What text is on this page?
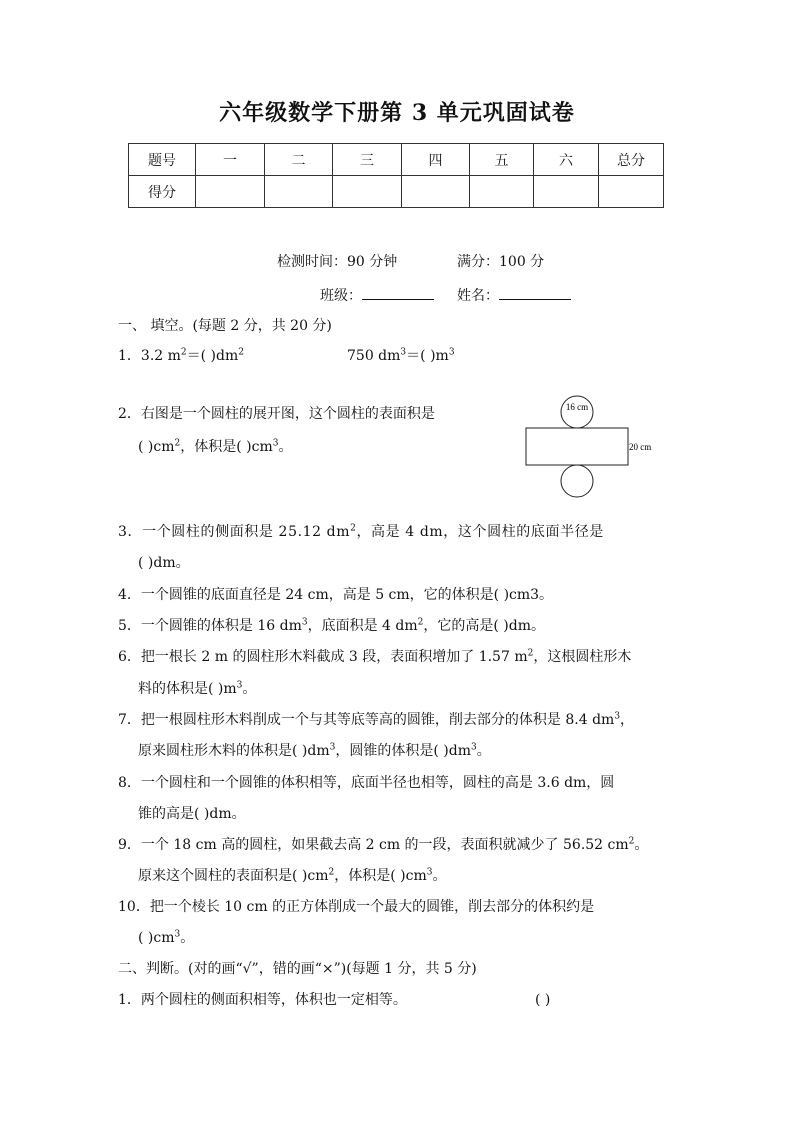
六年级数学下册第 3 单元巩固试卷
题号	一	二	三	四	五	六	总分
得分							
检测时间：90 分钟	满分：100 分
班级：	姓名：
一、 填空。(每题 2 分，共 20 分)
1．3.2 $m^2=$( )$dm^2$	750 $dm^3=$( )$m^3$
2．右图是一个圆柱的展开图，这个圆柱的表面积是
( )$cm^2$，体积是( )$cm^3$。
16 cm
20 cm
3．一个圆柱的侧面积是 25.12 $dm^2$，高是 4 dm，这个圆柱的底面半径是
( )dm。
4．一个圆锥的底面直径是 24 cm，高是 5 cm，它的体积是( )cm3。
5．一个圆锥的体积是 16 $dm^3$，底面积是 4 $dm^2$，它的高是( )dm。
6．把一根长 2 m 的圆柱形木料截成 3 段，表面积增加了 1.57 $m^2$，这根圆柱形木
料的体积是( )$m^3$。
7．把一根圆柱形木料削成一个与其等底等高的圆锥，削去部分的体积是 8.4 $dm^3$，
原来圆柱形木料的体积是( )$dm^3$，圆锥的体积是( )$dm^3$。
8．一个圆柱和一个圆锥的体积相等，底面半径也相等，圆柱的高是 3.6 dm，圆
锥的高是( )dm。
9．一个 18 cm 高的圆柱，如果截去高 2 cm 的一段，表面积就减少了 56.52 $cm^2$。
原来这个圆柱的表面积是( )$cm^2$，体积是( )$cm^3$。
10．把一个棱长 10 cm 的正方体削成一个最大的圆锥，削去部分的体积约是
( )$cm^3$。
二、判断。(对的画“√”，错的画“×”)(每题 1 分，共 5 分)
1．两个圆柱的侧面积相等，体积也一定相等。	( )
